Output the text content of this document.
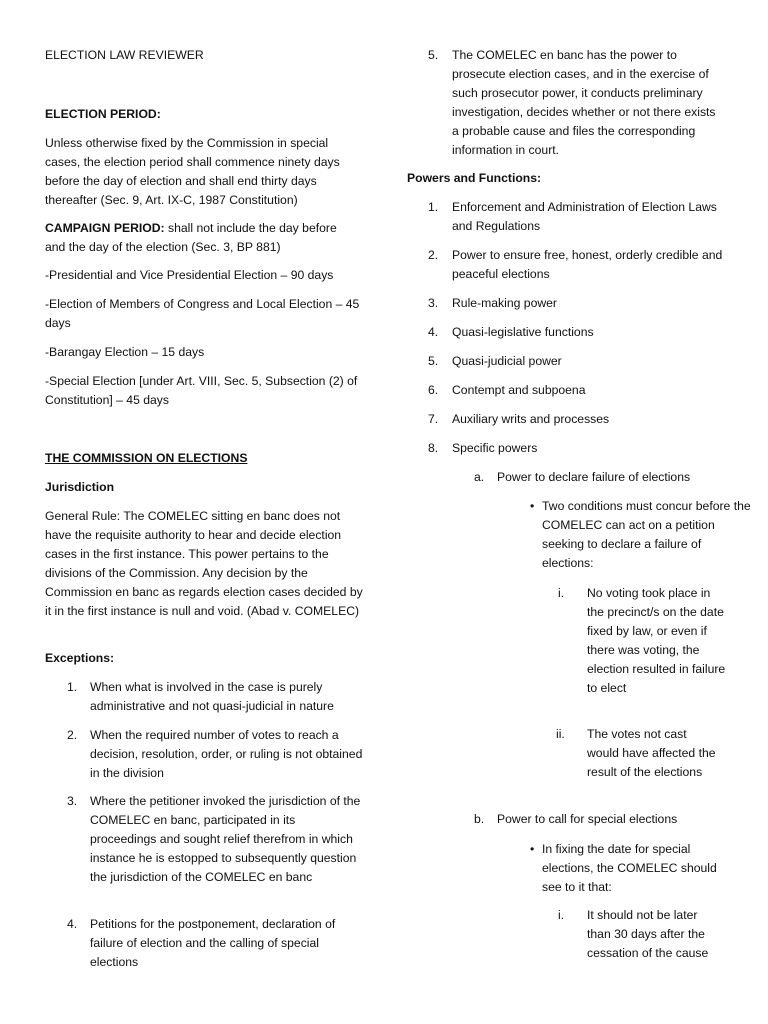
ELECTION LAW REVIEWER

ELECTION PERIOD:

Unless otherwise fixed by the Commission in special cases, the election period shall commence ninety days before the day of election and shall end thirty days thereafter (Sec. 9, Art. IX-C, 1987 Constitution)

CAMPAIGN PERIOD: shall not include the day before and the day of the election (Sec. 3, BP 881)

-Presidential and Vice Presidential Election – 90 days

-Election of Members of Congress and Local Election – 45 days

-Barangay Election – 15 days

-Special Election [under Art. VIII, Sec. 5, Subsection (2) of Constitution] – 45 days

THE COMMISSION ON ELECTIONS

Jurisdiction

General Rule: The COMELEC sitting en banc does not have the requisite authority to hear and decide election cases in the first instance. This power pertains to the divisions of the Commission. Any decision by the Commission en banc as regards election cases decided by it in the first instance is null and void. (Abad v. COMELEC)

Exceptions:

1. When what is involved in the case is purely administrative and not quasi-judicial in nature

2. When the required number of votes to reach a decision, resolution, order, or ruling is not obtained in the division

3. Where the petitioner invoked the jurisdiction of the COMELEC en banc, participated in its proceedings and sought relief therefrom in which instance he is estopped to subsequently question the jurisdiction of the COMELEC en banc

4. Petitions for the postponement, declaration of failure of election and the calling of special elections

5. The COMELEC en banc has the power to prosecute election cases, and in the exercise of such prosecutor power, it conducts preliminary investigation, decides whether or not there exists a probable cause and files the corresponding information in court.

Powers and Functions:

1. Enforcement and Administration of Election Laws and Regulations

2. Power to ensure free, honest, orderly credible and peaceful elections

3. Rule-making power

4. Quasi-legislative functions

5. Quasi-judicial power

6. Contempt and subpoena

7. Auxiliary writs and processes

8. Specific powers

a. Power to declare failure of elections

• Two conditions must concur before the COMELEC can act on a petition seeking to declare a failure of elections:

i. No voting took place in the precinct/s on the date fixed by law, or even if there was voting, the election resulted in failure to elect

ii. The votes not cast would have affected the result of the elections

b. Power to call for special elections

• In fixing the date for special elections, the COMELEC should see to it that:

i. It should not be later than 30 days after the cessation of the cause
